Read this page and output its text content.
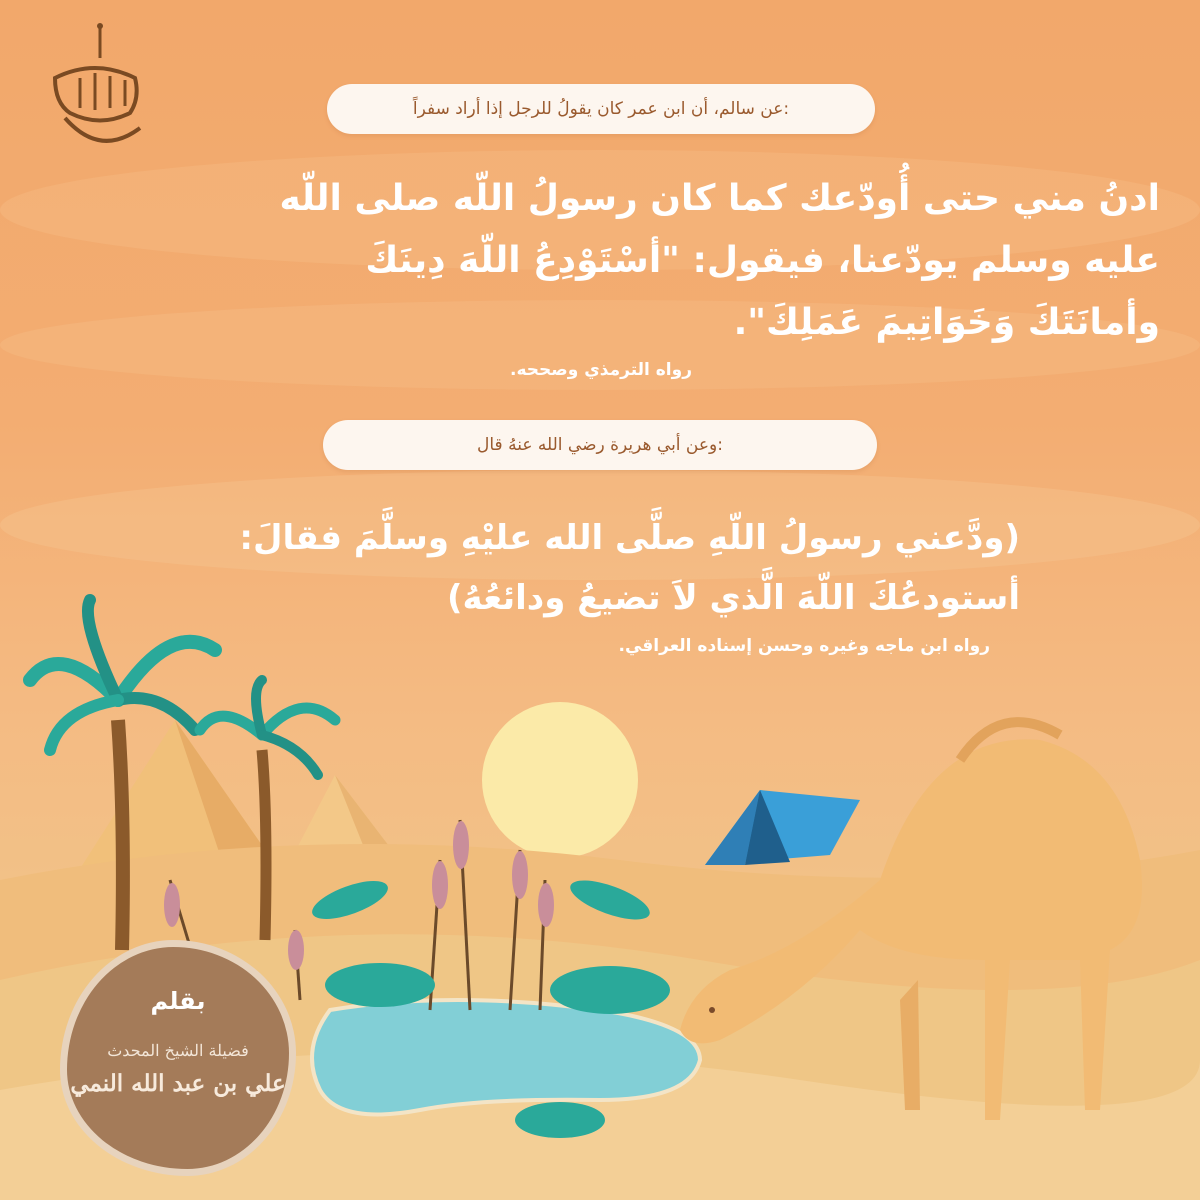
عن سالم، أن ابن عمر كان يقولُ للرجل إذا أراد سفراً:
ادنُ مني حتى أُودّعك كما كان رسولُ اللّه صلى اللّه
عليه وسلم يودّعنا، فيقول: "أسْتَوْدِعُ اللّهَ دِينَكَ
وأمانَتَكَ وَخَوَاتِيمَ عَمَلِكَ".
رواه الترمذي وصححه.
وعن أبي هريرة رضي الله عنهُ قال:
(ودَّعني رسولُ اللّهِ صلَّى الله عليْهِ وسلَّمَ فقالَ:
أستودعُكَ اللّهَ الَّذي لاَ تضيعُ ودائعُهُ)
رواه ابن ماجه وغيره وحسن إسناده العراقي.
بقلم
فضيلة الشيخ المحدث
علي بن عبد الله النمي
